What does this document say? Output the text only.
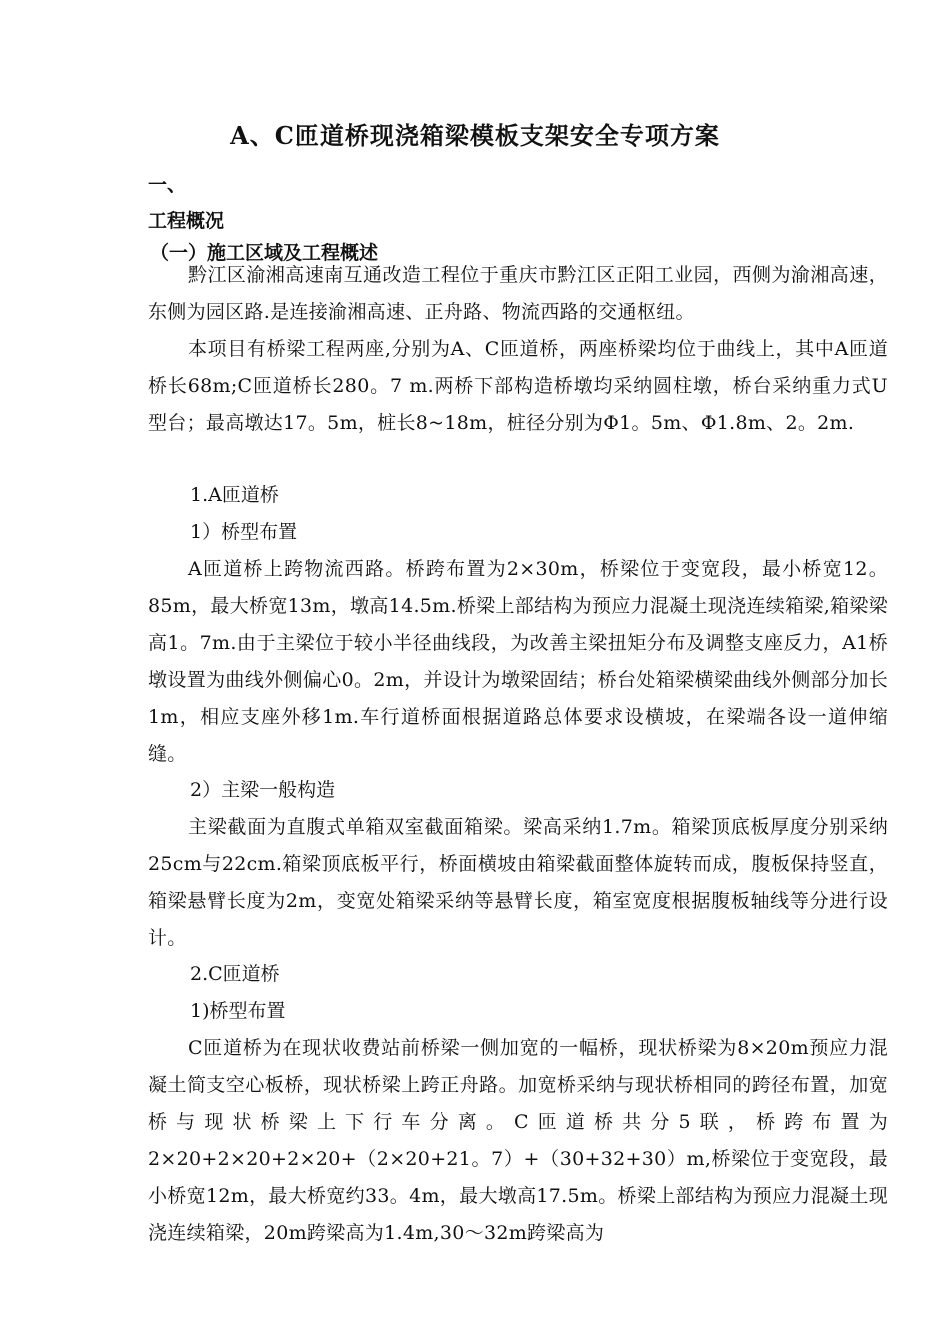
A、C匝道桥现浇箱梁模板支架安全专项方案
一、
工程概况
（一）施工区域及工程概述
黔江区渝湘高速南互通改造工程位于重庆市黔江区正阳工业园，西侧为渝湘高速，东侧为园区路.是连接渝湘高速、正舟路、物流西路的交通枢纽。
本项目有桥梁工程两座,分别为A、C匝道桥，两座桥梁均位于曲线上，其中A匝道桥长68m;C匝道桥长280。7 m.两桥下部构造桥墩均采纳圆柱墩，桥台采纳重力式U型台；最高墩达17。5m，桩长8~18m，桩径分别为Φ1。5m、Φ1.8m、2。2m.
1.A匝道桥
1）桥型布置
A匝道桥上跨物流西路。桥跨布置为2×30m，桥梁位于变宽段，最小桥宽12。85m，最大桥宽13m，墩高14.5m.桥梁上部结构为预应力混凝土现浇连续箱梁,箱梁梁高1。7m.由于主梁位于较小半径曲线段，为改善主梁扭矩分布及调整支座反力，A1桥墩设置为曲线外侧偏心0。2m，并设计为墩梁固结；桥台处箱梁横梁曲线外侧部分加长1m，相应支座外移1m.车行道桥面根据道路总体要求设横坡，在梁端各设一道伸缩缝。
2）主梁一般构造
主梁截面为直腹式单箱双室截面箱梁。梁高采纳1.7m。箱梁顶底板厚度分别采纳25cm与22cm.箱梁顶底板平行，桥面横坡由箱梁截面整体旋转而成，腹板保持竖直，箱梁悬臂长度为2m，变宽处箱梁采纳等悬臂长度，箱室宽度根据腹板轴线等分进行设计。
2.C匝道桥
1)桥型布置
C匝道桥为在现状收费站前桥梁一侧加宽的一幅桥，现状桥梁为8×20m预应力混凝土简支空心板桥，现状桥梁上跨正舟路。加宽桥采纳与现状桥相同的跨径布置，加宽桥与现状桥梁上下行车分离。C匝道桥共分5联，桥跨布置为2×20+2×20+2×20+（2×20+21。7）+（30+32+30）m,桥梁位于变宽段，最小桥宽12m，最大桥宽约33。4m，最大墩高17.5m。桥梁上部结构为预应力混凝土现浇连续箱梁，20m跨梁高为1.4m,30～32m跨梁高为
